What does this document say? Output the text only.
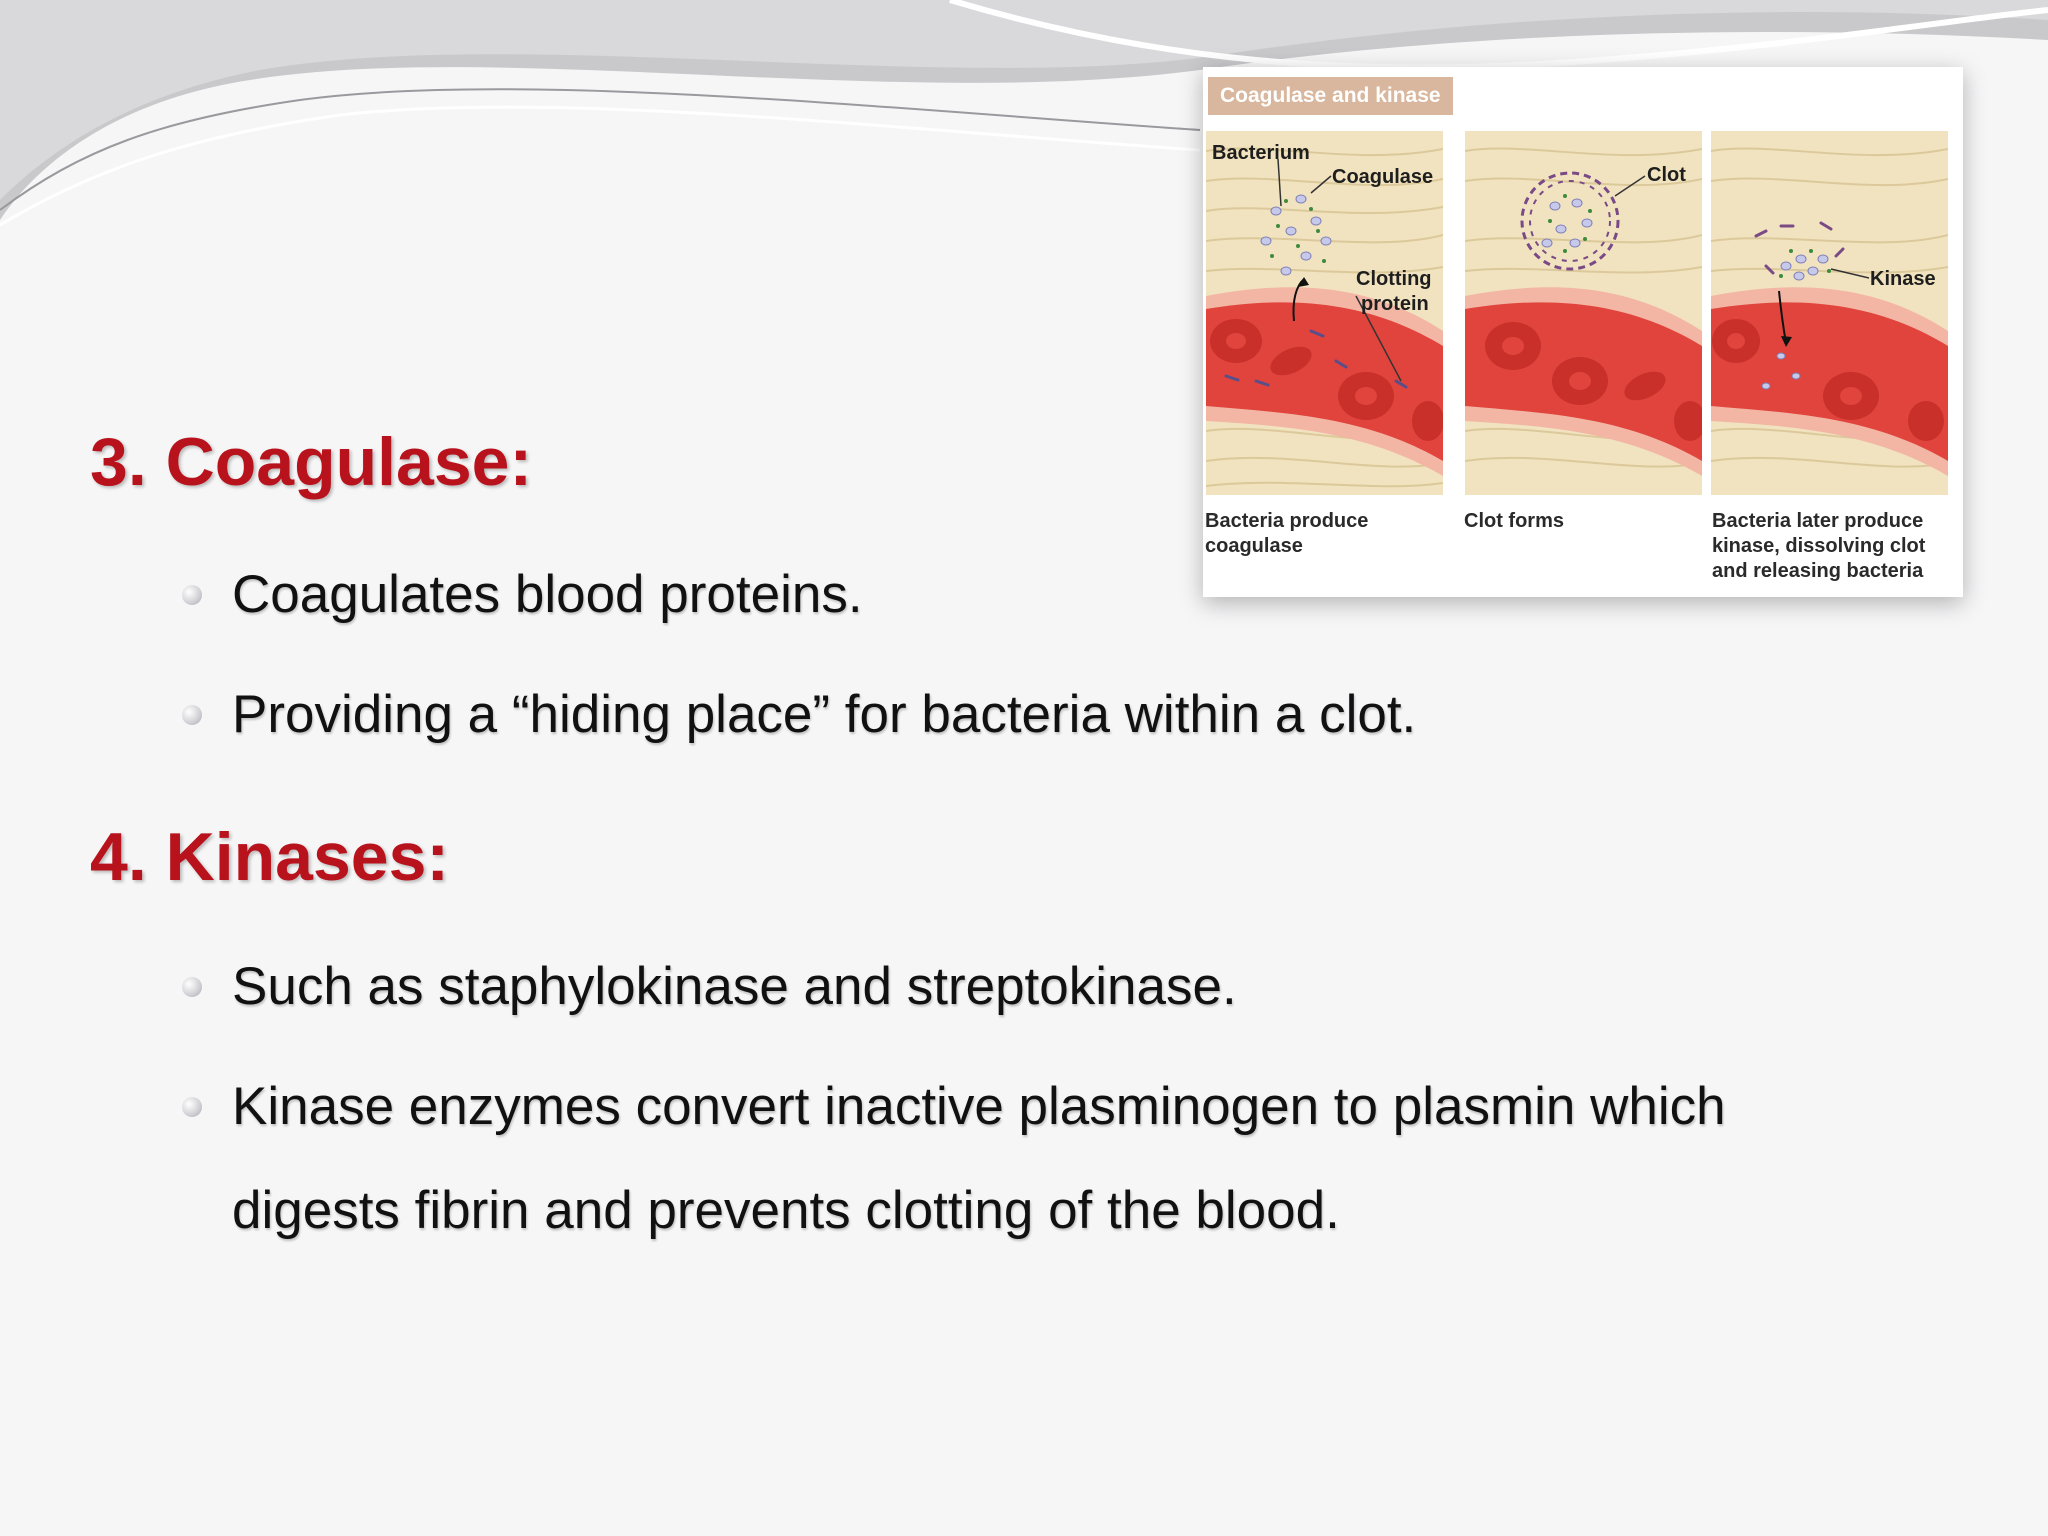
3. Coagulase:

Coagulates blood proteins.

Providing a “hiding place” for bacteria within a clot.

4. Kinases:

Such as staphylokinase and streptokinase.

Kinase enzymes convert inactive plasminogen to plasmin which
digests fibrin and prevents clotting of the blood.

Coagulase and kinase
Bacterium
Coagulase
Clotting
protein
Clot
Kinase
Bacteria produce
coagulase
Clot forms	Bacteria later produce
kinase, dissolving clot
and releasing bacteria
